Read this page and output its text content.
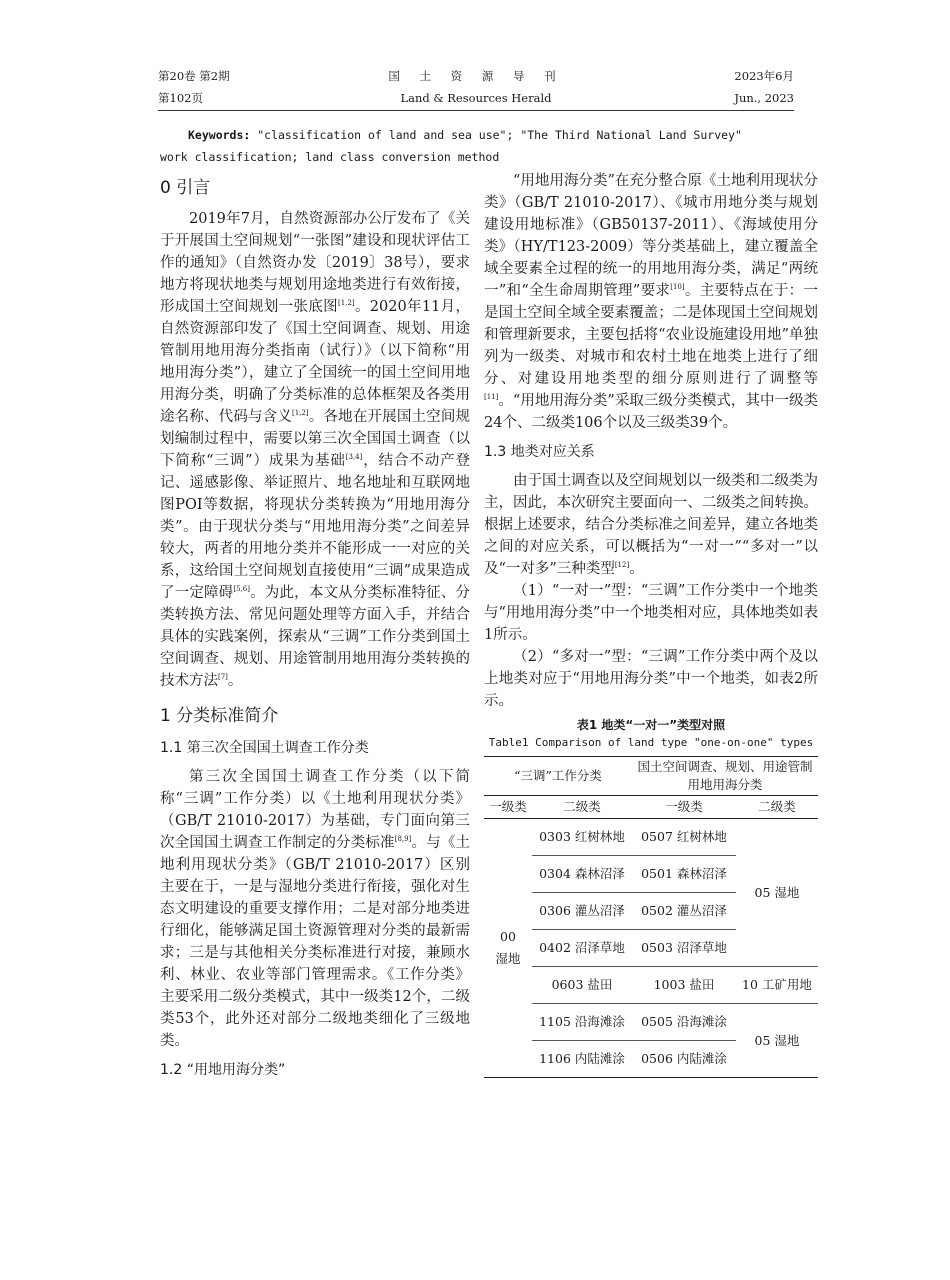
第20卷 第2期
第102页
国 土 资 源 导 刊
Land & Resources Herald
2023年6月
Jun., 2023
Keywords: "classification of land and sea use"; "The Third National Land Survey"
work classification; land class conversion method
0 引言

2019年7月，自然资源部办公厅发布了《关于开展国土空间规划“一张图”建设和现状评估工作的通知》（自然资办发〔2019〕38号），要求地方将现状地类与规划用途地类进行有效衔接，形成国土空间规划一张底图[1,2]。2020年11月，自然资源部印发了《国土空间调查、规划、用途管制用地用海分类指南（试行）》（以下简称“用地用海分类”），建立了全国统一的国土空间用地用海分类，明确了分类标准的总体框架及各类用途名称、代码与含义[1,2]。各地在开展国土空间规划编制过程中，需要以第三次全国国土调查（以下简称“三调”）成果为基础[3,4]，结合不动产登记、遥感影像、举证照片、地名地址和互联网地图POI等数据，将现状分类转换为“用地用海分类”。由于现状分类与“用地用海分类”之间差异较大，两者的用地分类并不能形成一一对应的关系，这给国土空间规划直接使用“三调”成果造成了一定障碍[5,6]。为此，本文从分类标准特征、分类转换方法、常见问题处理等方面入手，并结合具体的实践案例，探索从“三调”工作分类到国土空间调查、规划、用途管制用地用海分类转换的技术方法[7]。

1 分类标准简介
1.1 第三次全国国土调查工作分类

第三次全国国土调查工作分类（以下简称“三调”工作分类）以《土地利用现状分类》（GB/T 21010-2017）为基础，专门面向第三次全国国土调查工作制定的分类标准[8,9]。与《土地利用现状分类》（GB/T 21010-2017）区别主要在于，一是与湿地分类进行衔接，强化对生态文明建设的重要支撑作用；二是对部分地类进行细化，能够满足国土资源管理对分类的最新需求；三是与其他相关分类标准进行对接，兼顾水利、林业、农业等部门管理需求。《工作分类》主要采用二级分类模式，其中一级类12个，二级类53个，此外还对部分二级地类细化了三级地类。

1.2 “用地用海分类”

“用地用海分类”在充分整合原《土地利用现状分类》（GB/T 21010-2017）、《城市用地分类与规划建设用地标准》（GB50137-2011）、《海域使用分类》（HY/T123-2009）等分类基础上，建立覆盖全域全要素全过程的统一的用地用海分类，满足“两统一”和“全生命周期管理”要求[10]。主要特点在于：一是国土空间全域全要素覆盖；二是体现国土空间规划和管理新要求，主要包括将“农业设施建设用地”单独列为一级类、对城市和农村土地在地类上进行了细分、对建设用地类型的细分原则进行了调整等[11]。“用地用海分类”采取三级分类模式，其中一级类24个、二级类106个以及三级类39个。

1.3 地类对应关系

由于国土调查以及空间规划以一级类和二级类为主，因此，本次研究主要面向一、二级类之间转换。根据上述要求，结合分类标准之间差异，建立各地类之间的对应关系，可以概括为“一对一”“多对一”以及“一对多”三种类型[12]。

（1）“一对一”型：“三调”工作分类中一个地类与“用地用海分类”中一个地类相对应，具体地类如表1所示。

（2）“多对一”型：“三调”工作分类中两个及以上地类对应于“用地用海分类”中一个地类，如表2所示。

表1 地类“一对一”类型对照
Table1 Comparison of land type "one-on-one" types
“三调”工作分类		国土空间调查、规划、用途管制
用地用海分类	
一级类	二级类	一级类	二级类
00
湿地	0303 红树林地	0507 红树林地	05 湿地
	0304 森林沼泽	0501 森林沼泽	
	0306 灌丛沼泽	0502 灌丛沼泽	
	0402 沼泽草地	0503 沼泽草地	
	0603 盐田	1003 盐田	10 工矿用地
	1105 沿海滩涂	0505 沿海滩涂	05 湿地
	1106 内陆滩涂	0506 内陆滩涂	
